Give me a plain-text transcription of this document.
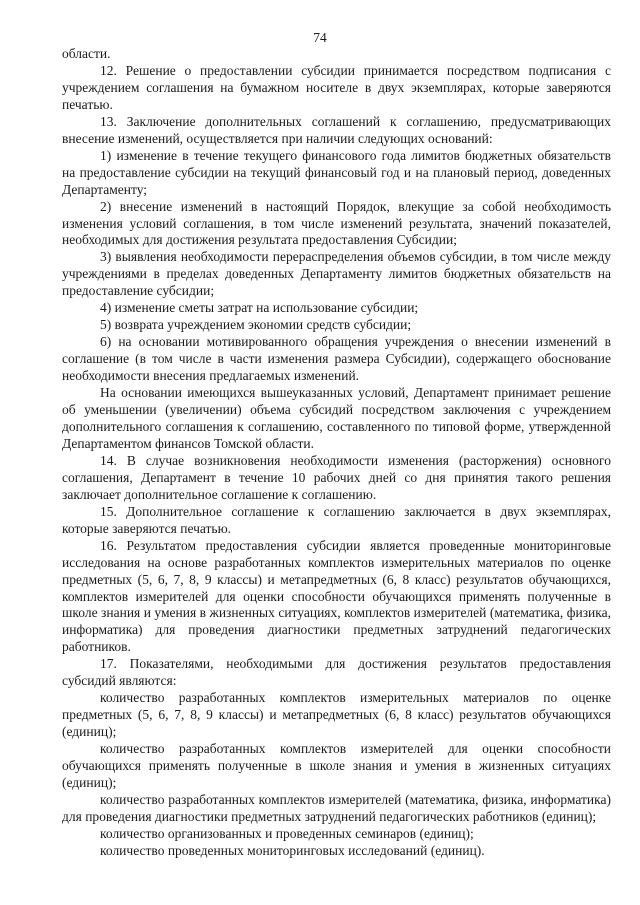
74

области.

12. Решение о предоставлении субсидии принимается посредством подписания с учреждением соглашения на бумажном носителе в двух экземплярах, которые заверяются печатью.

13. Заключение дополнительных соглашений к соглашению, предусматривающих внесение изменений, осуществляется при наличии следующих оснований:

1) изменение в течение текущего финансового года лимитов бюджетных обязательств на предоставление субсидии на текущий финансовый год и на плановый период, доведенных Департаменту;

2) внесение изменений в настоящий Порядок, влекущие за собой необходимость изменения условий соглашения, в том числе изменений результата, значений показателей, необходимых для достижения результата предоставления Субсидии;

3) выявления необходимости перераспределения объемов субсидии, в том числе между учреждениями в пределах доведенных Департаменту лимитов бюджетных обязательств на предоставление субсидии;

4) изменение сметы затрат на использование субсидии;

5) возврата учреждением экономии средств субсидии;

6) на основании мотивированного обращения учреждения о внесении изменений в соглашение (в том числе в части изменения размера Субсидии), содержащего обоснование необходимости внесения предлагаемых изменений.

На основании имеющихся вышеуказанных условий, Департамент принимает решение об уменьшении (увеличении) объема субсидий посредством заключения с учреждением дополнительного соглашения к соглашению, составленного по типовой форме, утвержденной Департаментом финансов Томской области.

14. В случае возникновения необходимости изменения (расторжения) основного соглашения, Департамент в течение 10 рабочих дней со дня принятия такого решения заключает дополнительное соглашение к соглашению.

15. Дополнительное соглашение к соглашению заключается в двух экземплярах, которые заверяются печатью.

16. Результатом предоставления субсидии является проведенные мониторинговые исследования на основе разработанных комплектов измерительных материалов по оценке предметных (5, 6, 7, 8, 9 классы) и метапредметных (6, 8 класс) результатов обучающихся, комплектов измерителей для оценки способности обучающихся применять полученные в школе знания и умения в жизненных ситуациях, комплектов измерителей (математика, физика, информатика) для проведения диагностики предметных затруднений педагогических работников.

17. Показателями, необходимыми для достижения результатов предоставления субсидий являются:

количество разработанных комплектов измерительных материалов по оценке предметных (5, 6, 7, 8, 9 классы) и метапредметных (6, 8 класс) результатов обучающихся (единиц);

количество разработанных комплектов измерителей для оценки способности обучающихся применять полученные в школе знания и умения в жизненных ситуациях (единиц);

количество разработанных комплектов измерителей (математика, физика, информатика) для проведения диагностики предметных затруднений педагогических работников (единиц);

количество организованных и проведенных семинаров (единиц);

количество проведенных мониторинговых исследований (единиц).
